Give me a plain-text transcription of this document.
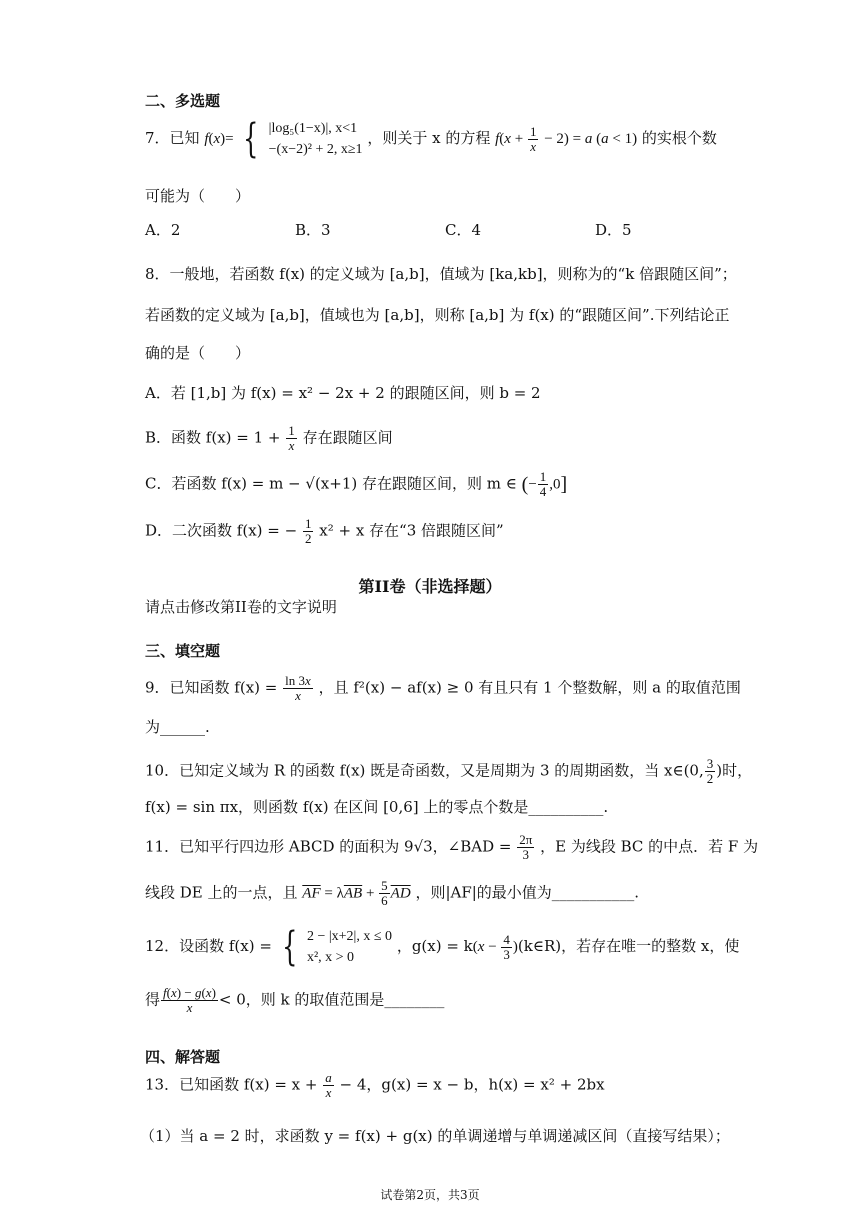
二、多选题
7．已知 f(x)= { |log₅(1−x)|, x<1
−(x−2)² + 2, x≥1
，则关于 x 的方程 $f(x + \frac{1}{x} - 2) = a$ (a < 1) 的实根个数
可能为（　　）
A．2	B．3	C．4	D．5
8．一般地，若函数 f(x) 的定义域为 [a,b]，值域为 [ka,kb]，则称为的“k 倍跟随区间”；
若函数的定义域为 [a,b]，值域也为 [a,b]，则称 [a,b] 为 f(x) 的“跟随区间”.下列结论正
确的是（　　）
A．若 [1,b] 为 f(x) = x² − 2x + 2 的跟随区间，则 b = 2
B．函数 $f(x) = 1 + \frac{1}{x}$ 存在跟随区间
C．若函数 f(x) = m − √(x+1) 存在跟随区间，则 m ∈ (− $\frac{1}{4} ,0$]
D．二次函数 f(x) = − $\frac{1}{2} x^2 + x$ 存在“3 倍跟随区间”
第II卷（非选择题）
请点击修改第II卷的文字说明
三、填空题
9．已知函数 $f(x) = \frac{\ln 3x}{x}$ ，且 f²(x) − af(x) ≥ 0 有且只有 1 个整数解，则 a 的取值范围
为______.
10．已知定义域为 R 的函数 f(x) 既是奇函数，又是周期为 3 的周期函数，当 x∈(0, $\frac{3}{2}$ )时，
f(x) = sin πx，则函数 f(x) 在区间 [0,6] 上的零点个数是__________.
11．已知平行四边形 ABCD 的面积为 9√3，∠BAD = $\frac{2\pi}{3}$ ，E 为线段 BC 的中点．若 F 为
线段 DE 上的一点，且 $\overline{AF} = \lambda\overline{AB} + \frac{5}{6} \overline{AD}$ ，则|AF|的最小值为___________.
12．设函数 f(x) = { 2 − |x+2|, x ≤ 0
x², x > 0
，$g(x) = k(x - \frac{4}{3}$ )(k∈R)，若存在唯一的整数 x，使
得 $\frac{f(x) - g(x)}{x} < 0$，则 k 的取值范围是________
四、解答题
13．已知函数 $f(x) = x + \frac{a}{x} - 4$，g(x) = x − b，h(x) = x² + 2bx
（1）当 a = 2 时，求函数 y = f(x) + g(x) 的单调递增与单调递减区间（直接写结果）；
试卷第2页，共3页
